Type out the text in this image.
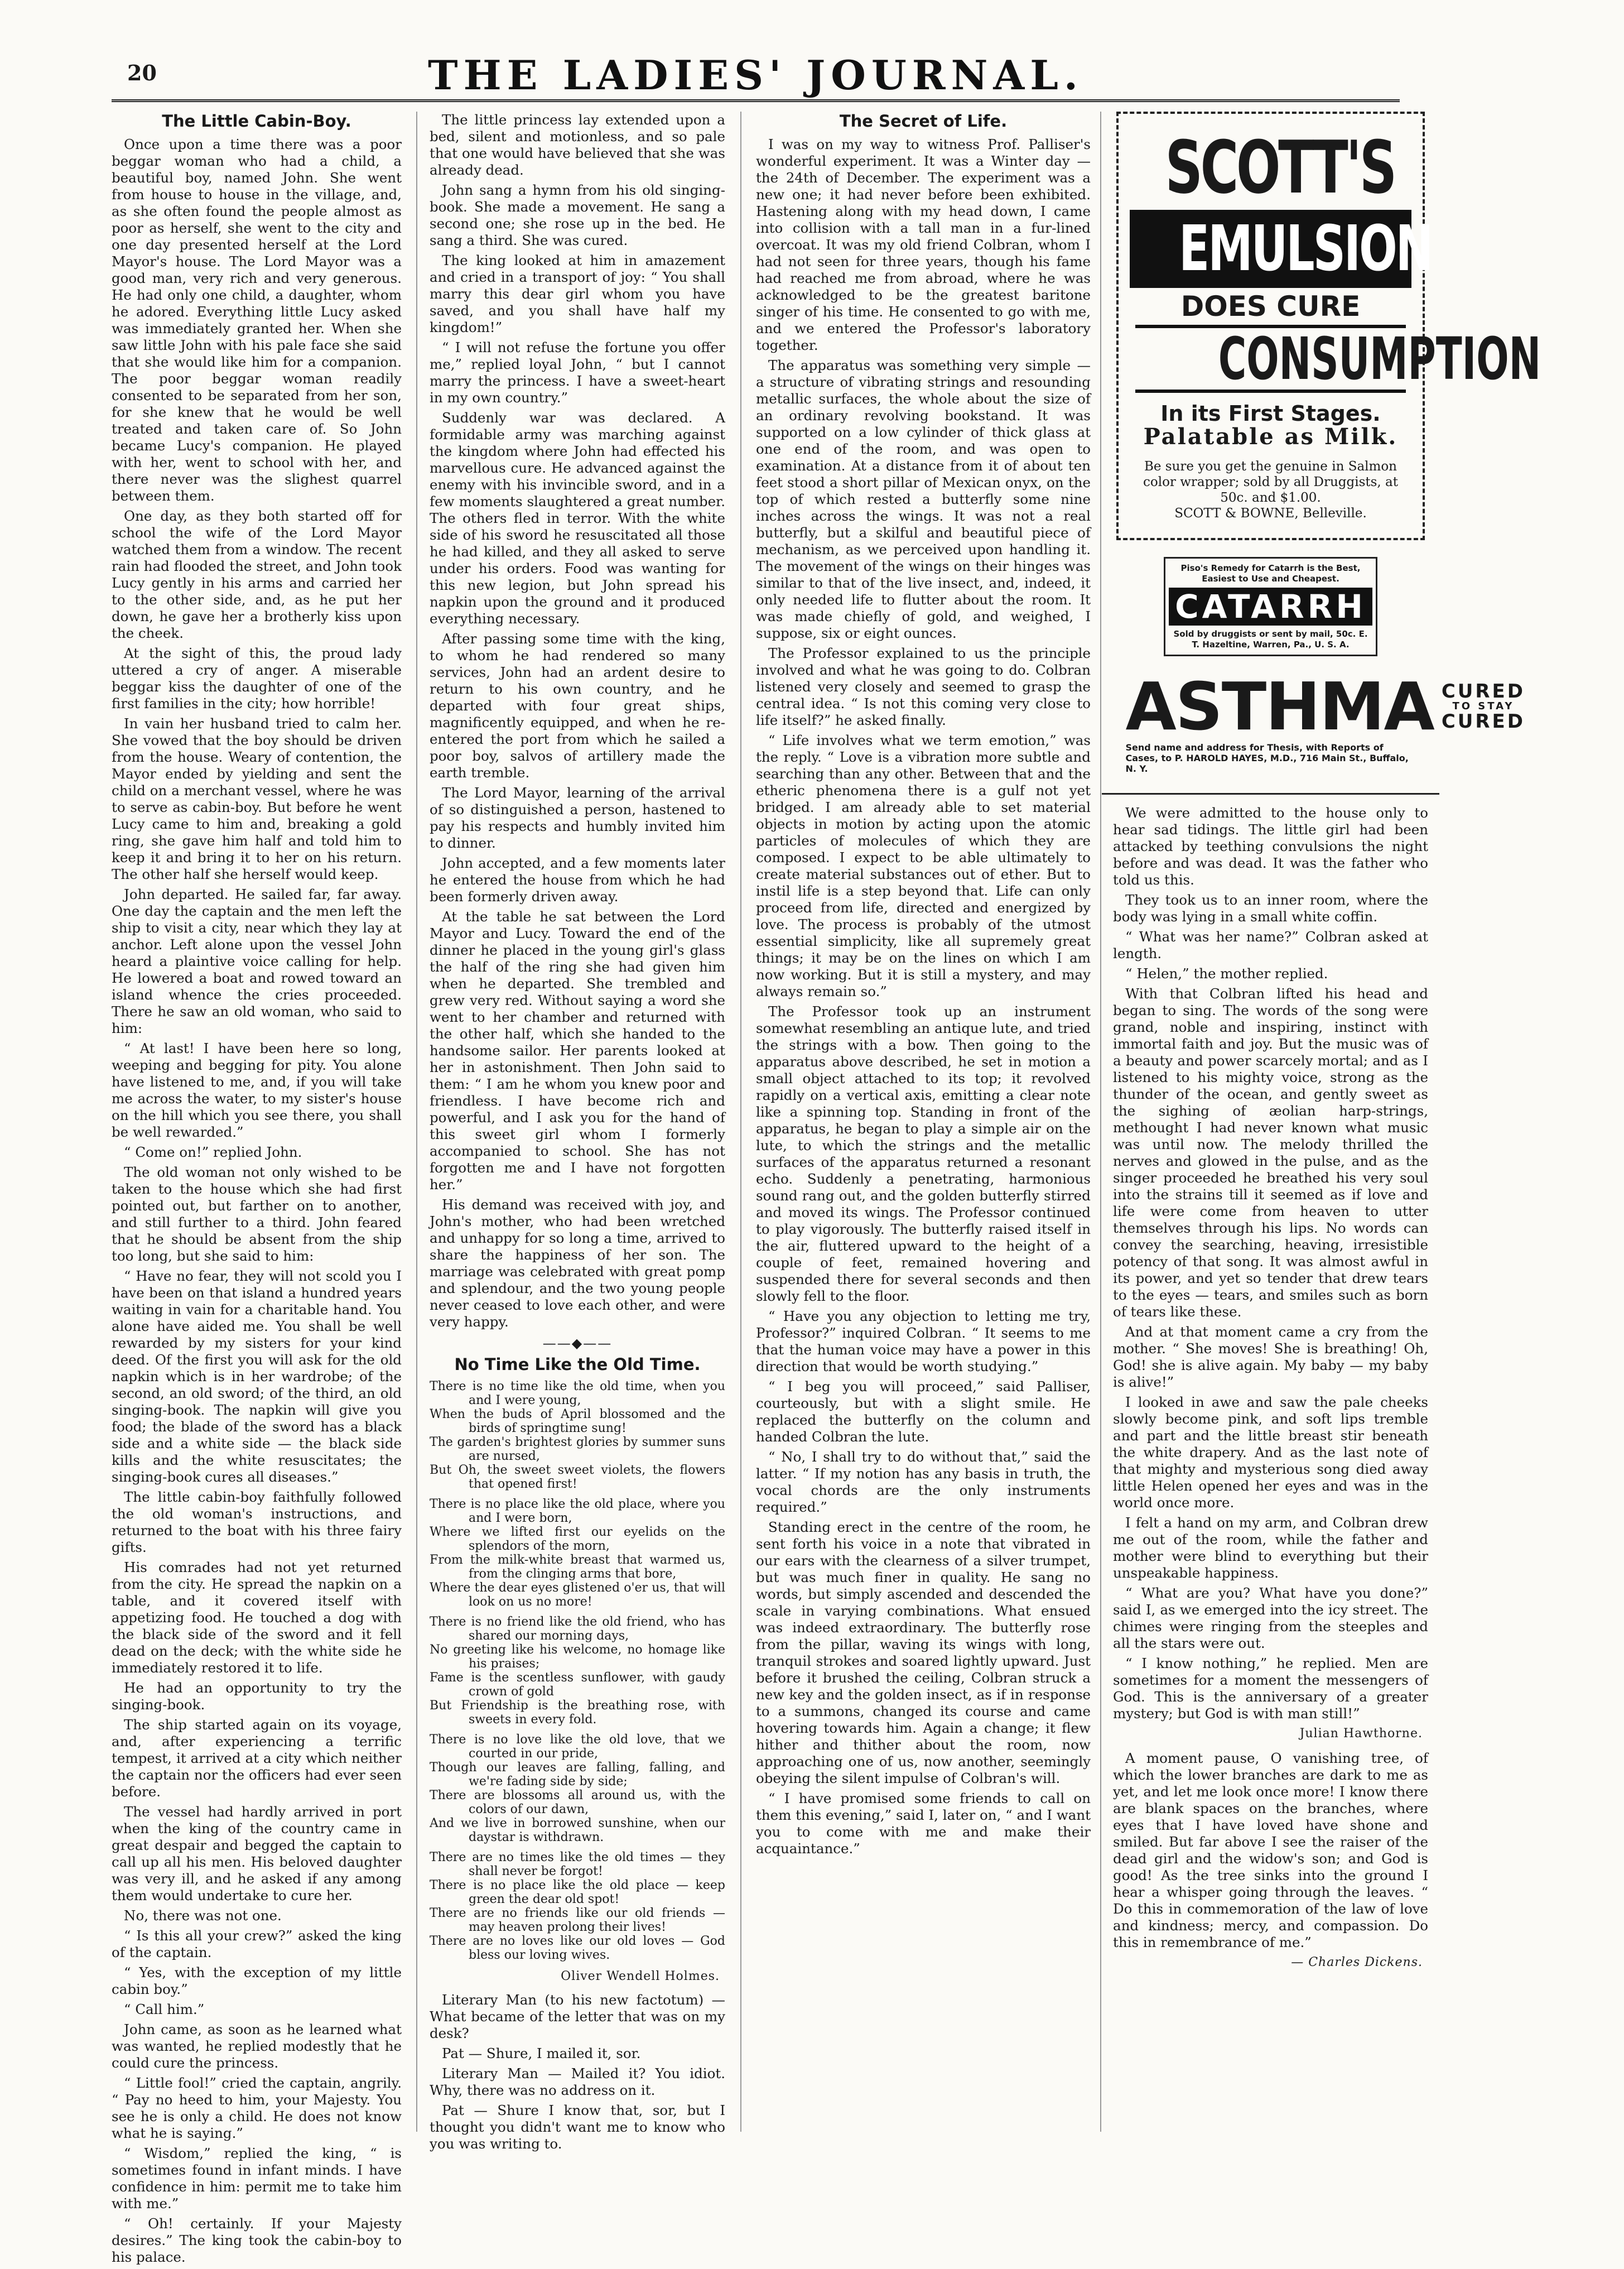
20	THE LADIES' JOURNAL.
The Little Cabin-Boy.

Once upon a time there was a poor beggar woman who had a child, a beautiful boy, named John. She went from house to house in the village, and, as she often found the people almost as poor as herself, she went to the city and one day presented herself at the Lord Mayor's house. The Lord Mayor was a good man, very rich and very generous. He had only one child, a daughter, whom he adored. Everything little Lucy asked was immediately granted her. When she saw little John with his pale face she said that she would like him for a companion. The poor beggar woman readily consented to be separated from her son, for she knew that he would be well treated and taken care of. So John became Lucy's companion. He played with her, went to school with her, and there never was the slighest quarrel between them.

One day, as they both started off for school the wife of the Lord Mayor watched them from a window. The recent rain had flooded the street, and John took Lucy gently in his arms and carried her to the other side, and, as he put her down, he gave her a brotherly kiss upon the cheek.

At the sight of this, the proud lady uttered a cry of anger. A miserable beggar kiss the daughter of one of the first families in the city; how horrible!

In vain her husband tried to calm her. She vowed that the boy should be driven from the house. Weary of contention, the Mayor ended by yielding and sent the child on a merchant vessel, where he was to serve as cabin-boy. But before he went Lucy came to him and, breaking a gold ring, she gave him half and told him to keep it and bring it to her on his return. The other half she herself would keep.

John departed. He sailed far, far away. One day the captain and the men left the ship to visit a city, near which they lay at anchor. Left alone upon the vessel John heard a plaintive voice calling for help. He lowered a boat and rowed toward an island whence the cries proceeded. There he saw an old woman, who said to him:

“ At last! I have been here so long, weeping and begging for pity. You alone have listened to me, and, if you will take me across the water, to my sister's house on the hill which you see there, you shall be well rewarded.”

“ Come on!” replied John.

The old woman not only wished to be taken to the house which she had first pointed out, but farther on to another, and still further to a third. John feared that he should be absent from the ship too long, but she said to him:

“ Have no fear, they will not scold you I have been on that island a hundred years waiting in vain for a charitable hand. You alone have aided me. You shall be well rewarded by my sisters for your kind deed. Of the first you will ask for the old napkin which is in her wardrobe; of the second, an old sword; of the third, an old singing-book. The napkin will give you food; the blade of the sword has a black side and a white side — the black side kills and the white resuscitates; the singing-book cures all diseases.”

The little cabin-boy faithfully followed the old woman's instructions, and returned to the boat with his three fairy gifts.

His comrades had not yet returned from the city. He spread the napkin on a table, and it covered itself with appetizing food. He touched a dog with the black side of the sword and it fell dead on the deck; with the white side he immediately restored it to life.

He had an opportunity to try the singing-book.

The ship started again on its voyage, and, after experiencing a terrific tempest, it arrived at a city which neither the captain nor the officers had ever seen before.

The vessel had hardly arrived in port when the king of the country came in great despair and begged the captain to call up all his men. His beloved daughter was very ill, and he asked if any among them would undertake to cure her.

No, there was not one.

“ Is this all your crew?” asked the king of the captain.

“ Yes, with the exception of my little cabin boy.”

“ Call him.”

John came, as soon as he learned what was wanted, he replied modestly that he could cure the princess.

“ Little fool!” cried the captain, angrily. “ Pay no heed to him, your Majesty. You see he is only a child. He does not know what he is saying.”

“ Wisdom,” replied the king, “ is sometimes found in infant minds. I have confidence in him: permit me to take him with me.”

“ Oh! certainly. If your Majesty desires.” The king took the cabin-boy to his palace.

The little princess lay extended upon a bed, silent and motionless, and so pale that one would have believed that she was already dead.

John sang a hymn from his old singing-book. She made a movement. He sang a second one; she rose up in the bed. He sang a third. She was cured.

The king looked at him in amazement and cried in a transport of joy: “ You shall marry this dear girl whom you have saved, and you shall have half my kingdom!”

“ I will not refuse the fortune you offer me,” replied loyal John, “ but I cannot marry the princess. I have a sweet-heart in my own country.”

Suddenly war was declared. A formidable army was marching against the kingdom where John had effected his marvellous cure. He advanced against the enemy with his invincible sword, and in a few moments slaughtered a great number. The others fled in terror. With the white side of his sword he resuscitated all those he had killed, and they all asked to serve under his orders. Food was wanting for this new legion, but John spread his napkin upon the ground and it produced everything necessary.

After passing some time with the king, to whom he had rendered so many services, John had an ardent desire to return to his own country, and he departed with four great ships, magnificently equipped, and when he re-entered the port from which he sailed a poor boy, salvos of artillery made the earth tremble.

The Lord Mayor, learning of the arrival of so distinguished a person, hastened to pay his respects and humbly invited him to dinner.

John accepted, and a few moments later he entered the house from which he had been formerly driven away.

At the table he sat between the Lord Mayor and Lucy. Toward the end of the dinner he placed in the young girl's glass the half of the ring she had given him when he departed. She trembled and grew very red. Without saying a word she went to her chamber and returned with the other half, which she handed to the handsome sailor. Her parents looked at her in astonishment. Then John said to them: “ I am he whom you knew poor and friendless. I have become rich and powerful, and I ask you for the hand of this sweet girl whom I formerly accompanied to school. She has not forgotten me and I have not forgotten her.”

His demand was received with joy, and John's mother, who had been wretched and unhappy for so long a time, arrived to share the happiness of her son. The marriage was celebrated with great pomp and splendour, and the two young people never ceased to love each other, and were very happy.

——◆——
No Time Like the Old Time.

There is no time like the old time, when you and I were young,

When the buds of April blossomed and the birds of springtime sung!

The garden's brightest glories by summer suns are nursed,

But Oh, the sweet sweet violets, the flowers that opened first!

There is no place like the old place, where you and I were born,

Where we lifted first our eyelids on the splendors of the morn,

From the milk-white breast that warmed us, from the clinging arms that bore,

Where the dear eyes glistened o'er us, that will look on us no more!

There is no friend like the old friend, who has shared our morning days,

No greeting like his welcome, no homage like his praises;

Fame is the scentless sunflower, with gaudy crown of gold

But Friendship is the breathing rose, with sweets in every fold.

There is no love like the old love, that we courted in our pride,

Though our leaves are falling, falling, and we're fading side by side;

There are blossoms all around us, with the colors of our dawn,

And we live in borrowed sunshine, when our daystar is withdrawn.

There are no times like the old times — they shall never be forgot!

There is no place like the old place — keep green the dear old spot!

There are no friends like our old friends — may heaven prolong their lives!

There are no loves like our old loves — God bless our loving wives.

Oliver Wendell Holmes.

Literary Man (to his new factotum) — What became of the letter that was on my desk?

Pat — Shure, I mailed it, sor.

Literary Man — Mailed it? You idiot. Why, there was no address on it.

Pat — Shure I know that, sor, but I thought you didn't want me to know who you was writing to.

The Secret of Life.

I was on my way to witness Prof. Palliser's wonderful experiment. It was a Winter day — the 24th of December. The experiment was a new one; it had never before been exhibited. Hastening along with my head down, I came into collision with a tall man in a fur-lined overcoat. It was my old friend Colbran, whom I had not seen for three years, though his fame had reached me from abroad, where he was acknowledged to be the greatest baritone singer of his time. He consented to go with me, and we entered the Professor's laboratory together.

The apparatus was something very simple — a structure of vibrating strings and resounding metallic surfaces, the whole about the size of an ordinary revolving bookstand. It was supported on a low cylinder of thick glass at one end of the room, and was open to examination. At a distance from it of about ten feet stood a short pillar of Mexican onyx, on the top of which rested a butterfly some nine inches across the wings. It was not a real butterfly, but a skilful and beautiful piece of mechanism, as we perceived upon handling it. The movement of the wings on their hinges was similar to that of the live insect, and, indeed, it only needed life to flutter about the room. It was made chiefly of gold, and weighed, I suppose, six or eight ounces.

The Professor explained to us the principle involved and what he was going to do. Colbran listened very closely and seemed to grasp the central idea. “ Is not this coming very close to life itself?” he asked finally.

“ Life involves what we term emotion,” was the reply. “ Love is a vibration more subtle and searching than any other. Between that and the etheric phenomena there is a gulf not yet bridged. I am already able to set material objects in motion by acting upon the atomic particles of molecules of which they are composed. I expect to be able ultimately to create material substances out of ether. But to instil life is a step beyond that. Life can only proceed from life, directed and energized by love. The process is probably of the utmost essential simplicity, like all supremely great things; it may be on the lines on which I am now working. But it is still a mystery, and may always remain so.”

The Professor took up an instrument somewhat resembling an antique lute, and tried the strings with a bow. Then going to the apparatus above described, he set in motion a small object attached to its top; it revolved rapidly on a vertical axis, emitting a clear note like a spinning top. Standing in front of the apparatus, he began to play a simple air on the lute, to which the strings and the metallic surfaces of the apparatus returned a resonant echo. Suddenly a penetrating, harmonious sound rang out, and the golden butterfly stirred and moved its wings. The Professor continued to play vigorously. The butterfly raised itself in the air, fluttered upward to the height of a couple of feet, remained hovering and suspended there for several seconds and then slowly fell to the floor.

“ Have you any objection to letting me try, Professor?” inquired Colbran. “ It seems to me that the human voice may have a power in this direction that would be worth studying.”

“ I beg you will proceed,” said Palliser, courteously, but with a slight smile. He replaced the butterfly on the column and handed Colbran the lute.

“ No, I shall try to do without that,” said the latter. “ If my notion has any basis in truth, the vocal chords are the only instruments required.”

Standing erect in the centre of the room, he sent forth his voice in a note that vibrated in our ears with the clearness of a silver trumpet, but was much finer in quality. He sang no words, but simply ascended and descended the scale in varying combinations. What ensued was indeed extraordinary. The butterfly rose from the pillar, waving its wings with long, tranquil strokes and soared lightly upward. Just before it brushed the ceiling, Colbran struck a new key and the golden insect, as if in response to a summons, changed its course and came hovering towards him. Again a change; it flew hither and thither about the room, now approaching one of us, now another, seemingly obeying the silent impulse of Colbran's will.

“ I have promised some friends to call on them this evening,” said I, later on, “ and I want you to come with me and make their acquaintance.”

SCOTT'S
EMULSION
DOES CURE
CONSUMPTION
In its First Stages.
Palatable as Milk.
Be sure you get the genuine in Salmon color wrapper; sold by all Druggists, at 50c. and $1.00.
SCOTT & BOWNE, Belleville.
Piso's Remedy for Catarrh is the Best, Easiest to Use and Cheapest.
CATARRH
Sold by druggists or sent by mail, 50c. E. T. Hazeltine, Warren, Pa., U. S. A.
ASTHMA CURED
TO STAY
CURED
Send name and address for Thesis, with Reports of Cases, to P. HAROLD HAYES, M.D., 716 Main St., Buffalo, N. Y.

We were admitted to the house only to hear sad tidings. The little girl had been attacked by teething convulsions the night before and was dead. It was the father who told us this.

They took us to an inner room, where the body was lying in a small white coffin.

“ What was her name?” Colbran asked at length.

“ Helen,” the mother replied.

With that Colbran lifted his head and began to sing. The words of the song were grand, noble and inspiring, instinct with immortal faith and joy. But the music was of a beauty and power scarcely mortal; and as I listened to his mighty voice, strong as the thunder of the ocean, and gently sweet as the sighing of æolian harp-strings, methought I had never known what music was until now. The melody thrilled the nerves and glowed in the pulse, and as the singer proceeded he breathed his very soul into the strains till it seemed as if love and life were come from heaven to utter themselves through his lips. No words can convey the searching, heaving, irresistible potency of that song. It was almost awful in its power, and yet so tender that drew tears to the eyes — tears, and smiles such as born of tears like these.

And at that moment came a cry from the mother. “ She moves! She is breathing! Oh, God! she is alive again. My baby — my baby is alive!”

I looked in awe and saw the pale cheeks slowly become pink, and soft lips tremble and part and the little breast stir beneath the white drapery. And as the last note of that mighty and mysterious song died away little Helen opened her eyes and was in the world once more.

I felt a hand on my arm, and Colbran drew me out of the room, while the father and mother were blind to everything but their unspeakable happiness.

“ What are you? What have you done?” said I, as we emerged into the icy street. The chimes were ringing from the steeples and all the stars were out.

“ I know nothing,” he replied. Men are sometimes for a moment the messengers of God. This is the anniversary of a greater mystery; but God is with man still!”

Julian Hawthorne.

A moment pause, O vanishing tree, of which the lower branches are dark to me as yet, and let me look once more! I know there are blank spaces on the branches, where eyes that I have loved have shone and smiled. But far above I see the raiser of the dead girl and the widow's son; and God is good! As the tree sinks into the ground I hear a whisper going through the leaves. “ Do this in commemoration of the law of love and kindness; mercy, and compassion. Do this in remembrance of me.”

— Charles Dickens.
